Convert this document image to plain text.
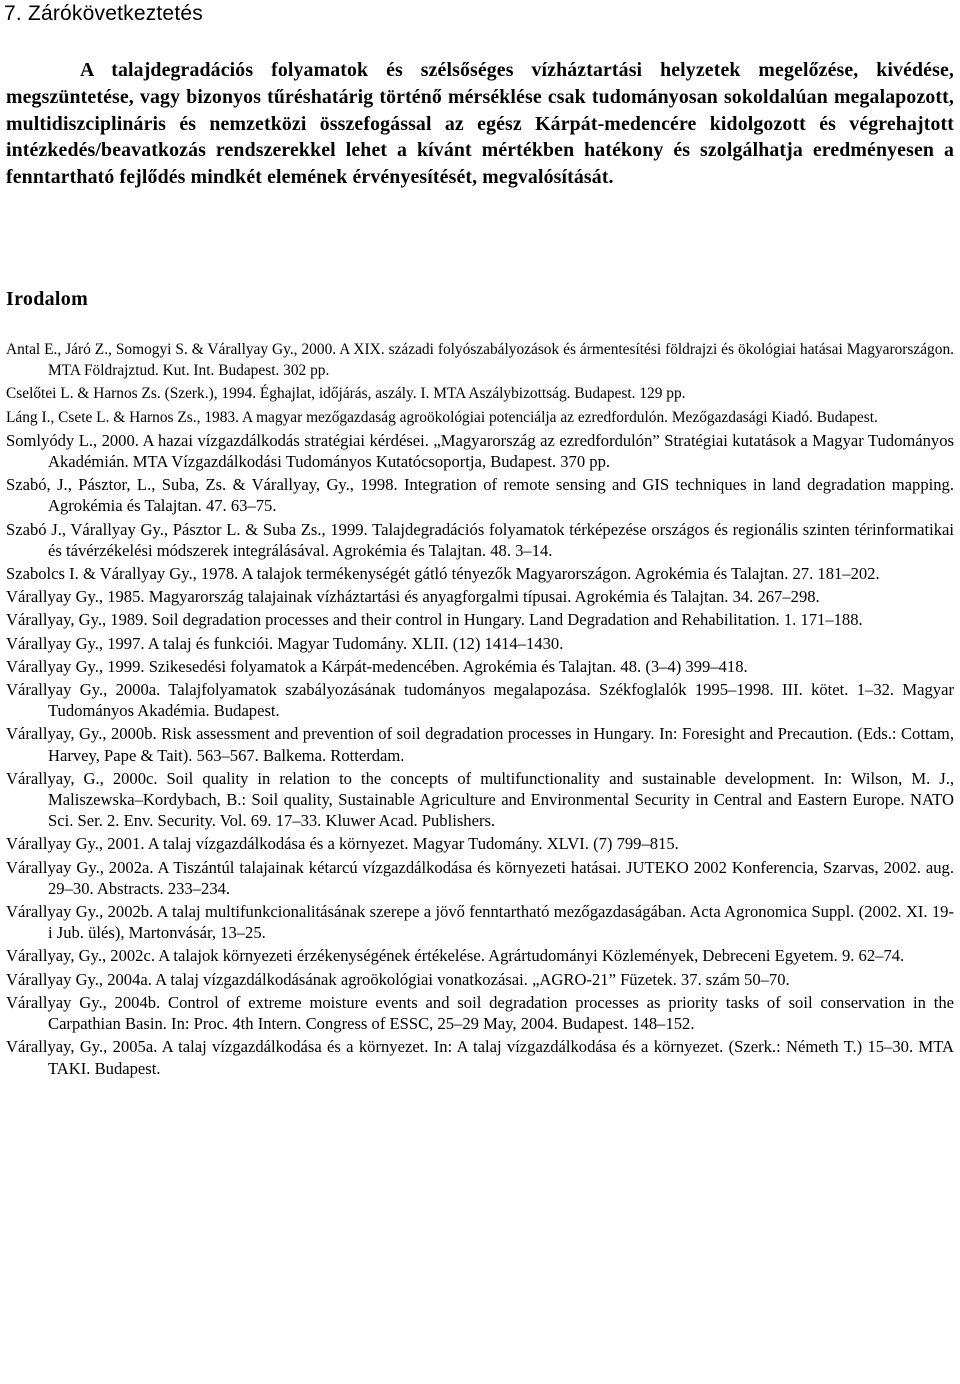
7. Zárókövetkeztetés

A talajdegradációs folyamatok és szélsőséges vízháztartási helyzetek megelőzése, kivédése, megszüntetése, vagy bizonyos tűréshatárig történő mérséklése csak tudományosan sokoldalúan megalapozott, multidiszciplináris és nemzetközi összefogással az egész Kárpát-medencére kidolgozott és végrehajtott intézkedés/beavatkozás rendszerekkel lehet a kívánt mértékben hatékony és szolgálhatja eredményesen a fenntartható fejlődés mindkét elemének érvényesítését, megvalósítását.

Irodalom
Antal E., Járó Z., Somogyi S. & Várallyay Gy., 2000. A XIX. századi folyószabályozások és ármentesítési földrajzi és ökológiai hatásai Magyarországon. MTA Földrajztud. Kut. Int. Budapest. 302 pp.
Cselőtei L. & Harnos Zs. (Szerk.), 1994. Éghajlat, időjárás, aszály. I. MTA Aszálybizottság. Budapest. 129 pp.
Láng I., Csete L. & Harnos Zs., 1983. A magyar mezőgazdaság agroökológiai potenciálja az ezredfordulón. Mezőgazdasági Kiadó. Budapest.
Somlyódy L., 2000. A hazai vízgazdálkodás stratégiai kérdései. „Magyarország az ezredfordulón” Stratégiai kutatások a Magyar Tudományos Akadémián. MTA Vízgazdálkodási Tudományos Kutatócsoportja, Budapest. 370 pp.
Szabó, J., Pásztor, L., Suba, Zs. & Várallyay, Gy., 1998. Integration of remote sensing and GIS techniques in land degradation mapping. Agrokémia és Talajtan. 47. 63–75.
Szabó J., Várallyay Gy., Pásztor L. & Suba Zs., 1999. Talajdegradációs folyamatok térképezése országos és regionális szinten térinformatikai és távérzékelési módszerek integrálásával. Agrokémia és Talajtan. 48. 3–14.
Szabolcs I. & Várallyay Gy., 1978. A talajok termékenységét gátló tényezők Magyarországon. Agrokémia és Talajtan. 27. 181–202.
Várallyay Gy., 1985. Magyarország talajainak vízháztartási és anyagforgalmi típusai. Agrokémia és Talajtan. 34. 267–298.
Várallyay, Gy., 1989. Soil degradation processes and their control in Hungary. Land Degradation and Rehabilitation. 1. 171–188.
Várallyay Gy., 1997. A talaj és funkciói. Magyar Tudomány. XLII. (12) 1414–1430.
Várallyay Gy., 1999. Szikesedési folyamatok a Kárpát-medencében. Agrokémia és Talajtan. 48. (3–4) 399–418.
Várallyay Gy., 2000a. Talajfolyamatok szabályozásának tudományos megalapozása. Székfoglalók 1995–1998. III. kötet. 1–32. Magyar Tudományos Akadémia. Budapest.
Várallyay, Gy., 2000b. Risk assessment and prevention of soil degradation processes in Hungary. In: Foresight and Precaution. (Eds.: Cottam, Harvey, Pape & Tait). 563–567. Balkema. Rotterdam.
Várallyay, G., 2000c. Soil quality in relation to the concepts of multifunctionality and sustainable development. In: Wilson, M. J., Maliszewska–Kordybach, B.: Soil quality, Sustainable Agriculture and Environmental Security in Central and Eastern Europe. NATO Sci. Ser. 2. Env. Security. Vol. 69. 17–33. Kluwer Acad. Publishers.
Várallyay Gy., 2001. A talaj vízgazdálkodása és a környezet. Magyar Tudomány. XLVI. (7) 799–815.
Várallyay Gy., 2002a. A Tiszántúl talajainak kétarcú vízgazdálkodása és környezeti hatásai. JUTEKO 2002 Konferencia, Szarvas, 2002. aug. 29–30. Abstracts. 233–234.
Várallyay Gy., 2002b. A talaj multifunkcionalitásának szerepe a jövő fenntartható mezőgazdaságában. Acta Agronomica Suppl. (2002. XI. 19-i Jub. ülés), Martonvásár, 13–25.
Várallyay, Gy., 2002c. A talajok környezeti érzékenységének értékelése. Agrártudományi Közlemények, Debreceni Egyetem. 9. 62–74.
Várallyay Gy., 2004a. A talaj vízgazdálkodásának agroökológiai vonatkozásai. „AGRO-21” Füzetek. 37. szám 50–70.
Várallyay Gy., 2004b. Control of extreme moisture events and soil degradation processes as priority tasks of soil conservation in the Carpathian Basin. In: Proc. 4th Intern. Congress of ESSC, 25–29 May, 2004. Budapest. 148–152.
Várallyay, Gy., 2005a. A talaj vízgazdálkodása és a környezet. In: A talaj vízgazdálkodása és a környezet. (Szerk.: Németh T.) 15–30. MTA TAKI. Budapest.
